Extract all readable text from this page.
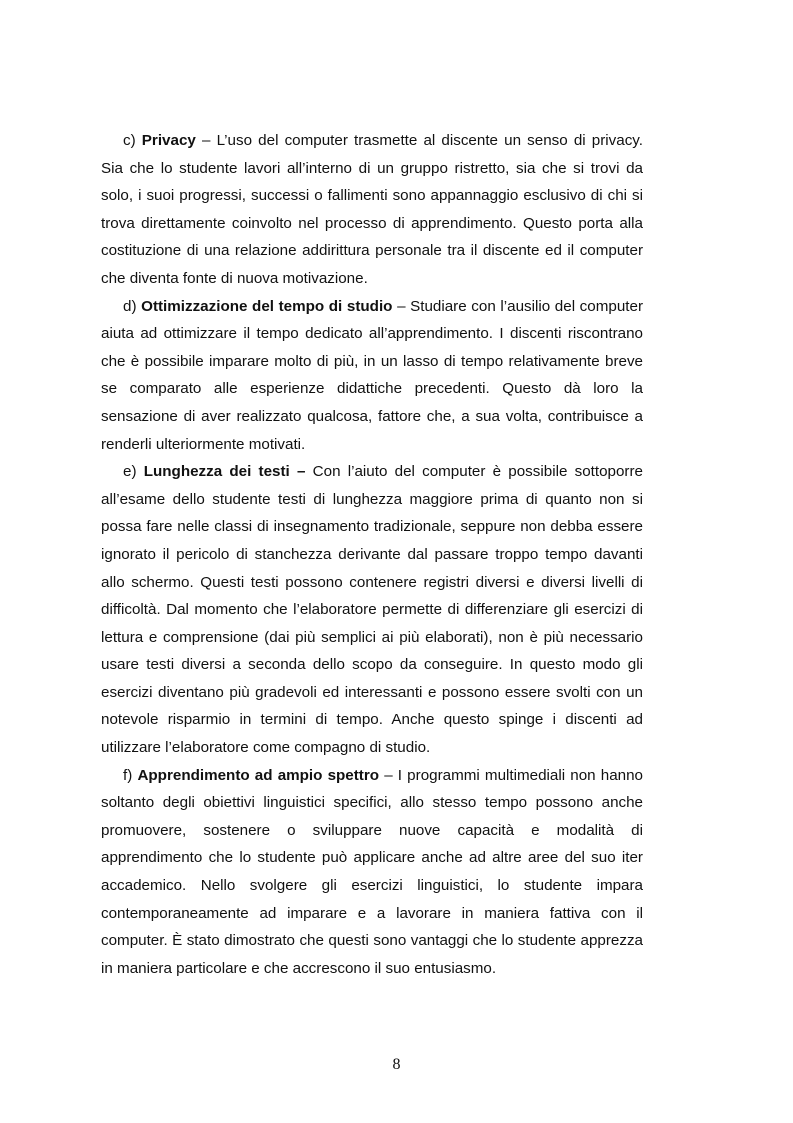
c) Privacy – L’uso del computer trasmette al discente un senso di privacy. Sia che lo studente lavori all’interno di un gruppo ristretto, sia che si trovi da solo, i suoi progressi, successi o fallimenti sono appannaggio esclusivo di chi si trova direttamente coinvolto nel processo di apprendimento. Questo porta alla costituzione di una relazione addirittura personale tra il discente ed il computer che diventa fonte di nuova motivazione.

d) Ottimizzazione del tempo di studio – Studiare con l’ausilio del computer aiuta ad ottimizzare il tempo dedicato all’apprendimento. I discenti riscontrano che è possibile imparare molto di più, in un lasso di tempo relativamente breve se comparato alle esperienze didattiche precedenti. Questo dà loro la sensazione di aver realizzato qualcosa, fattore che, a sua volta, contribuisce a renderli ulteriormente motivati.

e) Lunghezza dei testi – Con l’aiuto del computer è possibile sottoporre all’esame dello studente testi di lunghezza maggiore prima di quanto non si possa fare nelle classi di insegnamento tradizionale, seppure non debba essere ignorato il pericolo di stanchezza derivante dal passare troppo tempo davanti allo schermo. Questi testi possono contenere registri diversi e diversi livelli di difficoltà. Dal momento che l’elaboratore permette di differenziare gli esercizi di lettura e comprensione (dai più semplici ai più elaborati), non è più necessario usare testi diversi a seconda dello scopo da conseguire. In questo modo gli esercizi diventano più gradevoli ed interessanti e possono essere svolti con un notevole risparmio in termini di tempo. Anche questo spinge i discenti ad utilizzare l’elaboratore come compagno di studio.

f) Apprendimento ad ampio spettro – I programmi multimediali non hanno soltanto degli obiettivi linguistici specifici, allo stesso tempo possono anche promuovere, sostenere o sviluppare nuove capacità e modalità di apprendimento che lo studente può applicare anche ad altre aree del suo iter accademico. Nello svolgere gli esercizi linguistici, lo studente impara contemporaneamente ad imparare e a lavorare in maniera fattiva con il computer. È stato dimostrato che questi sono vantaggi che lo studente apprezza in maniera particolare e che accrescono il suo entusiasmo.

8
